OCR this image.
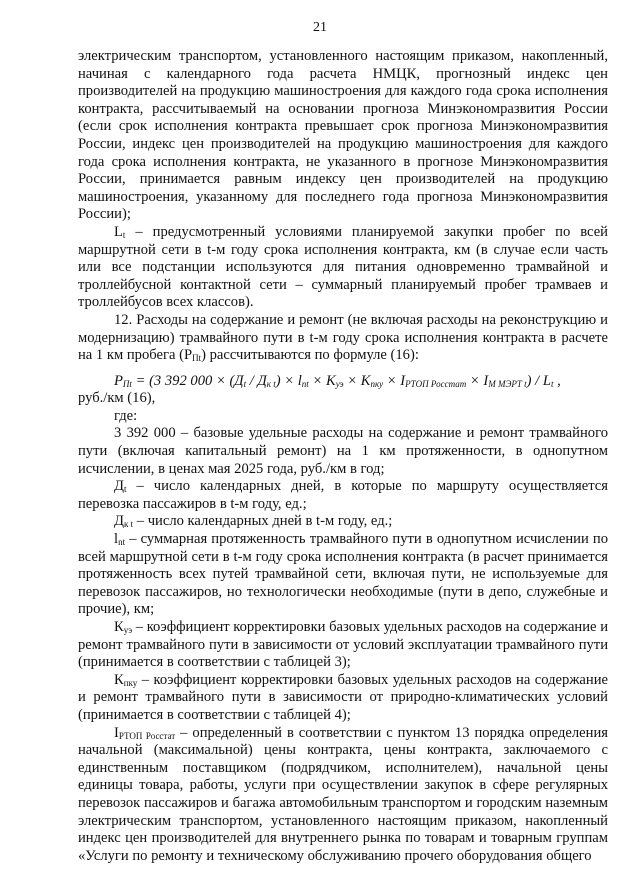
21

электрическим транспортом, установленного настоящим приказом, накопленный, начиная с календарного года расчета НМЦК, прогнозный индекс цен производителей на продукцию машиностроения для каждого года срока исполнения контракта, рассчитываемый на основании прогноза Минэкономразвития России (если срок исполнения контракта превышает срок прогноза Минэкономразвития России, индекс цен производителей на продукцию машиностроения для каждого года срока исполнения контракта, не указанного в прогнозе Минэкономразвития России, принимается равным индексу цен производителей на продукцию машиностроения, указанному для последнего года прогноза Минэкономразвития России);

$L_t$ – предусмотренный условиями планируемой закупки пробег по всей маршрутной сети в t-м году срока исполнения контракта, км (в случае если часть или все подстанции используются для питания одновременно трамвайной и троллейбусной контактной сети – суммарный планируемый пробег трамваев и троллейбусов всех классов).

12. Расходы на содержание и ремонт (не включая расходы на реконструкцию и модернизацию) трамвайного пути в t-м году срока исполнения контракта в расчете на 1 км пробега $(Р_{Пt})$ рассчитываются по формуле (16):

$P_{Пt} = (3$ 392 $000 \times (Д_t / Д_{к t}) \times l_{nt} \times K_{уэ} \times K_{пку} \times I_{РТОП Росстат} \times I_{М МЭРТ t}) / L_t$ ,

руб./км (16),

где:

3 392 000 – базовые удельные расходы на содержание и ремонт трамвайного пути (включая капитальный ремонт) на 1 км протяженности, в однопутном исчислении, в ценах мая 2025 года, руб./км в год;

$Д_t$ – число календарных дней, в которые по маршруту осуществляется перевозка пассажиров в t-м году, ед.;

$Д_{к t}$ – число календарных дней в t-м году, ед.;

$l_{nt}$ – суммарная протяженность трамвайного пути в однопутном исчислении по всей маршрутной сети в t-м году срока исполнения контракта (в расчет принимается протяженность всех путей трамвайной сети, включая пути, не используемые для перевозок пассажиров, но технологически необходимые (пути в депо, служебные и прочие), км;

$К_{уэ}$ – коэффициент корректировки базовых удельных расходов на содержание и ремонт трамвайного пути в зависимости от условий эксплуатации трамвайного пути (принимается в соответствии с таблицей 3);

$К_{пку}$ – коэффициент корректировки базовых удельных расходов на содержание и ремонт трамвайного пути в зависимости от природно-климатических условий (принимается в соответствии с таблицей 4);

$I_{РТОП Росстат}$ – определенный в соответствии с пунктом 13 порядка определения начальной (максимальной) цены контракта, цены контракта, заключаемого с единственным поставщиком (подрядчиком, исполнителем), начальной цены единицы товара, работы, услуги при осуществлении закупок в сфере регулярных перевозок пассажиров и багажа автомобильным транспортом и городским наземным электрическим транспортом, установленного настоящим приказом, накопленный индекс цен производителей для внутреннего рынка по товарам и товарным группам «Услуги по ремонту и техническому обслуживанию прочего оборудования общего
